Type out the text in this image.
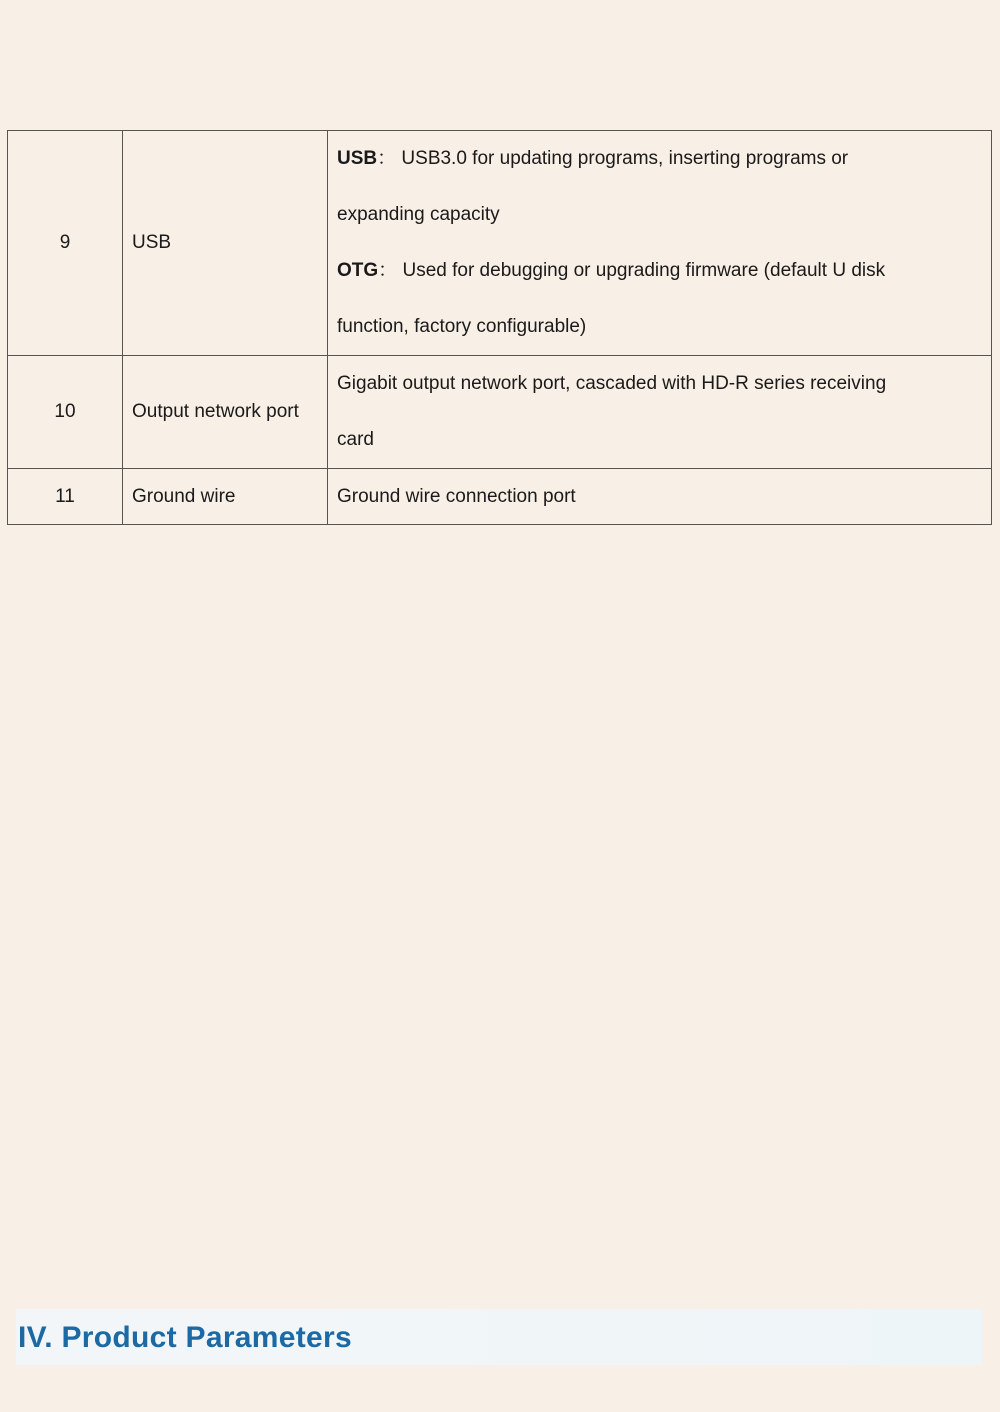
9	USB	USB： USB3.0 for updating programs, inserting programs or
expanding capacity
OTG： Used for debugging or upgrading firmware (default U disk
function, factory configurable)

10	Output network port	Gigabit output network port, cascaded with HD-R series receiving
card

11	Ground wire	Ground wire connection port
IV. Product Parameters
